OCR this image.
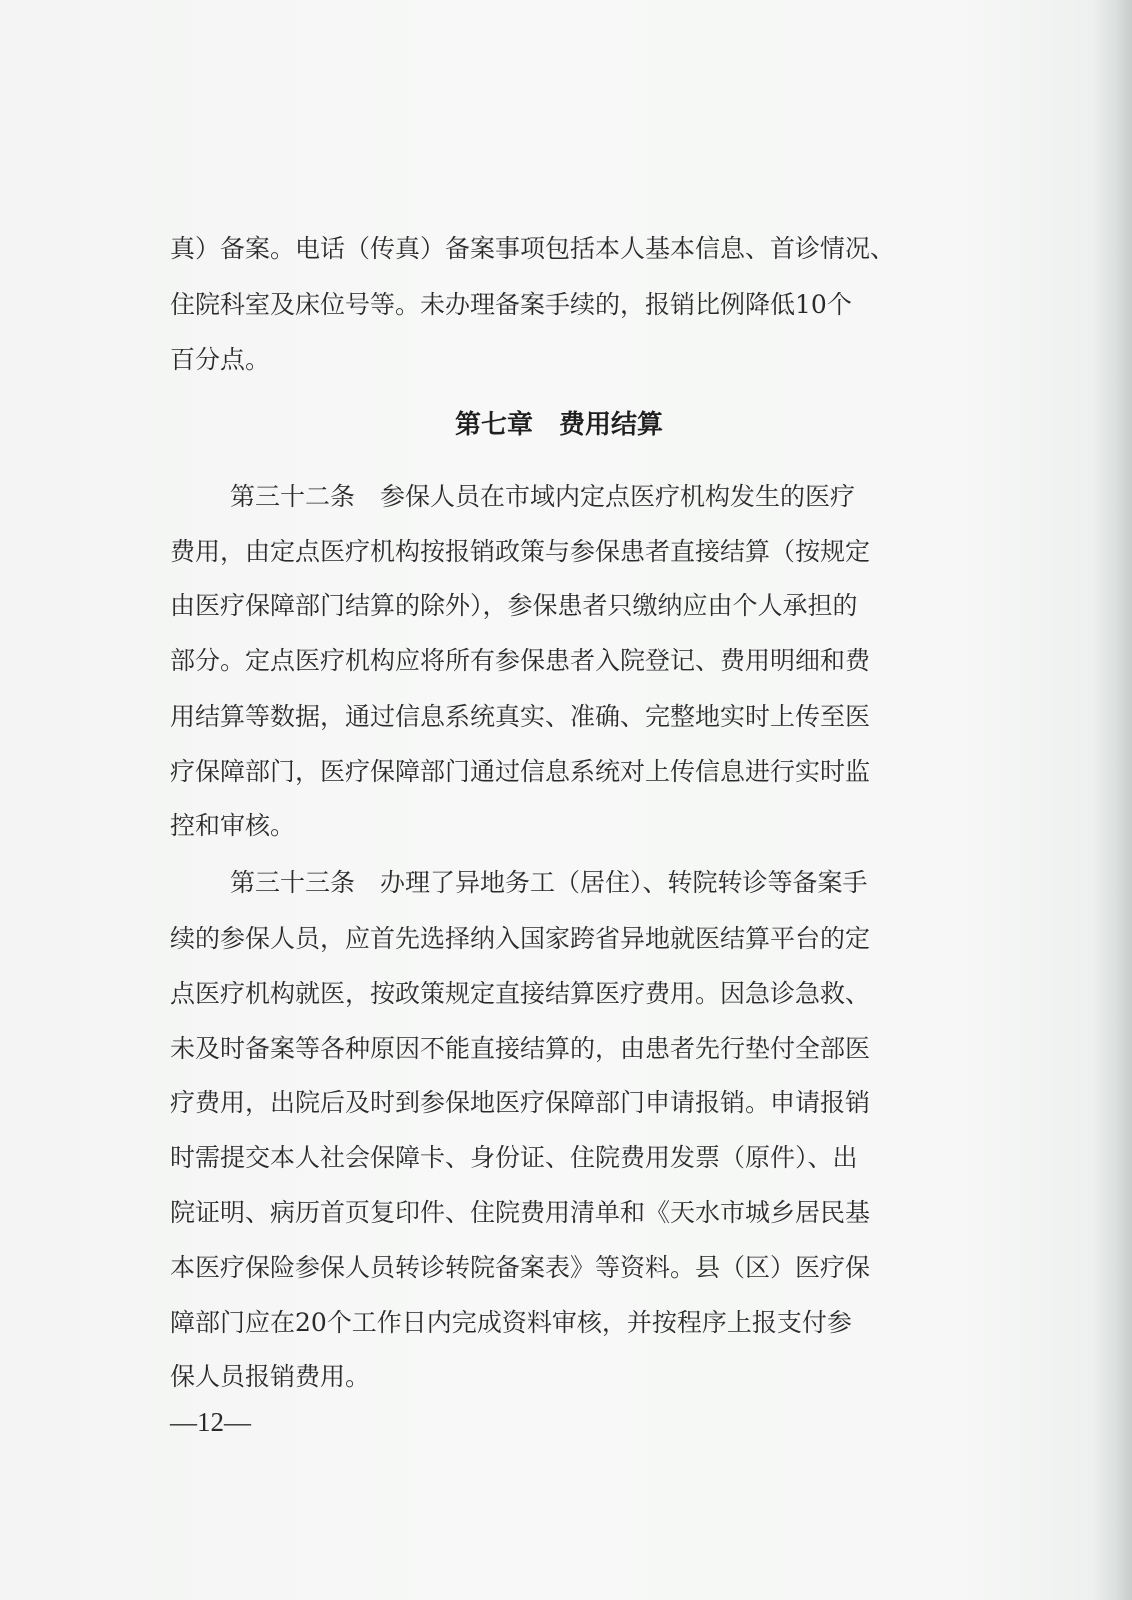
真）备案。电话（传真）备案事项包括本人基本信息、首诊情况、

住院科室及床位号等。未办理备案手续的，报销比例降低10个

百分点。

第七章　费用结算

第三十二条　参保人员在市域内定点医疗机构发生的医疗

费用，由定点医疗机构按报销政策与参保患者直接结算（按规定

由医疗保障部门结算的除外），参保患者只缴纳应由个人承担的

部分。定点医疗机构应将所有参保患者入院登记、费用明细和费

用结算等数据，通过信息系统真实、准确、完整地实时上传至医

疗保障部门，医疗保障部门通过信息系统对上传信息进行实时监

控和审核。

第三十三条　办理了异地务工（居住）、转院转诊等备案手

续的参保人员，应首先选择纳入国家跨省异地就医结算平台的定

点医疗机构就医，按政策规定直接结算医疗费用。因急诊急救、

未及时备案等各种原因不能直接结算的，由患者先行垫付全部医

疗费用，出院后及时到参保地医疗保障部门申请报销。申请报销

时需提交本人社会保障卡、身份证、住院费用发票（原件）、出

院证明、病历首页复印件、住院费用清单和《天水市城乡居民基

本医疗保险参保人员转诊转院备案表》等资料。县（区）医疗保

障部门应在20个工作日内完成资料审核，并按程序上报支付参

保人员报销费用。

—12—
